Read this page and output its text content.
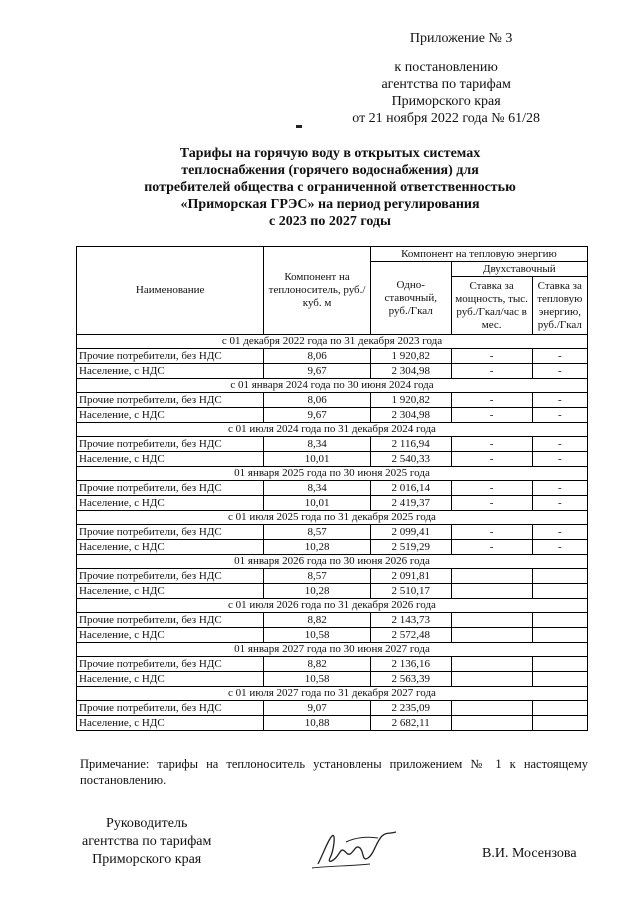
Приложение № 3
к постановлению
агентства по тарифам
Приморского края
от 21 ноября 2022 года № 61/28
Тарифы на горячую воду в открытых системах
теплоснабжения (горячего водоснабжения) для
потребителей общества с ограниченной ответственностью
«Приморская ГРЭС» на период регулирования
с 2023 по 2027 годы
Наименование	Компонент на теплоноситель, руб./куб. м	Компонент на тепловую энергию		
		Одно-ставочный, руб./Гкал	Двухставочный	
			Ставка за мощность, тыс. руб./Гкал/час в мес.	Ставка за тепловую энергию, руб./Гкал
с 01 декабря 2022 года по 31 декабря 2023 года				
Прочие потребители, без НДС	8,06	1 920,82	-	-
Население, с НДС	9,67	2 304,98	-	-
с 01 января 2024 года по 30 июня 2024 года				
Прочие потребители, без НДС	8,06	1 920,82	-	-
Население, с НДС	9,67	2 304,98	-	-
с 01 июля 2024 года по 31 декабря 2024 года				
Прочие потребители, без НДС	8,34	2 116,94	-	-
Население, с НДС	10,01	2 540,33	-	-
01 января 2025 года по 30 июня 2025 года				
Прочие потребители, без НДС	8,34	2 016,14	-	-
Население, с НДС	10,01	2 419,37	-	-
с 01 июля 2025 года по 31 декабря 2025 года				
Прочие потребители, без НДС	8,57	2 099,41	-	-
Население, с НДС	10,28	2 519,29	-	-
01 января 2026 года по 30 июня 2026 года				
Прочие потребители, без НДС	8,57	2 091,81		
Население, с НДС	10,28	2 510,17		
с 01 июля 2026 года по 31 декабря 2026 года				
Прочие потребители, без НДС	8,82	2 143,73		
Население, с НДС	10,58	2 572,48		
01 января 2027 года по 30 июня 2027 года				
Прочие потребители, без НДС	8,82	2 136,16		
Население, с НДС	10,58	2 563,39		
с 01 июля 2027 года по 31 декабря 2027 года				
Прочие потребители, без НДС	9,07	2 235,09		
Население, с НДС	10,88	2 682,11		
Примечание: тарифы на теплоноситель установлены приложением № 1 к настоящему постановлению.
Руководитель
агентства по тарифам
Приморского края	В.И. Мосензова
